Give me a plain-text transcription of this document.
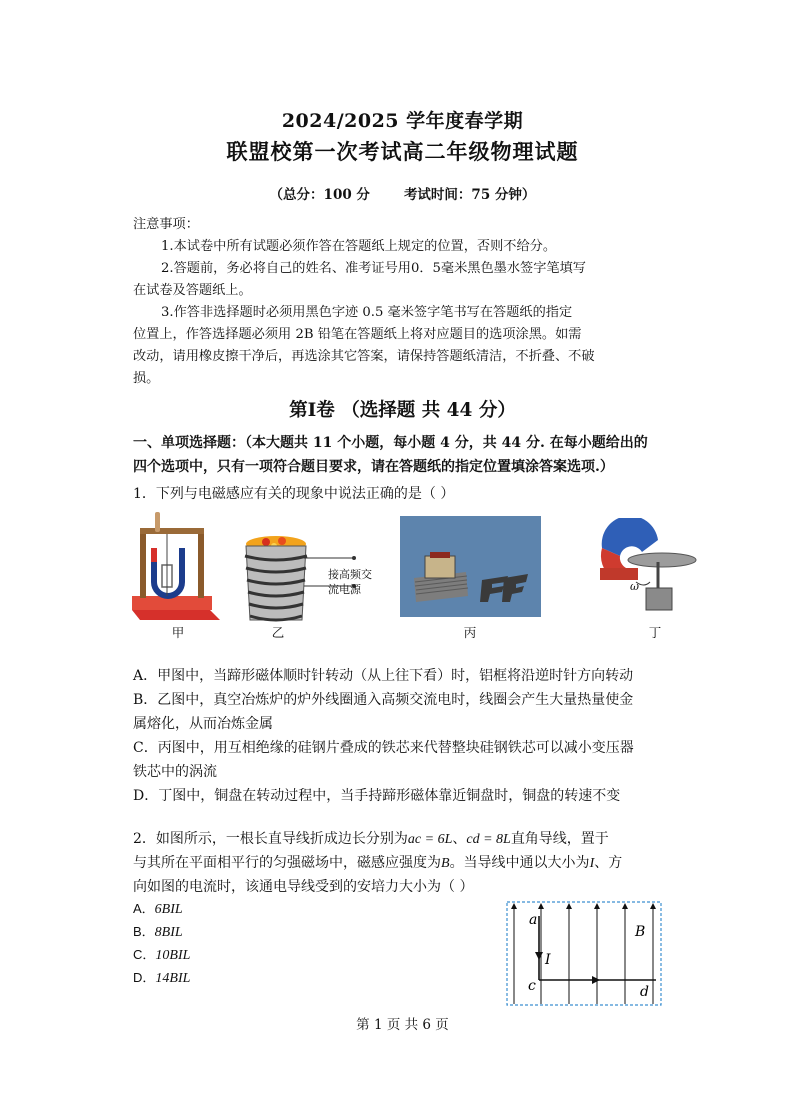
2024/2025 学年度春学期
联盟校第一次考试高二年级物理试题
（总分：100 分	考试时间：75 分钟）
注意事项：
1.本试卷中所有试题必须作答在答题纸上规定的位置，否则不给分。
2.答题前，务必将自己的姓名、准考证号用0．5毫米黑色墨水签字笔填写
在试卷及答题纸上。
3.作答非选择题时必须用黑色字迹 0.5 毫米签字笔书写在答题纸的指定
位置上，作答选择题必须用 2B 铅笔在答题纸上将对应题目的选项涂黑。如需
改动，请用橡皮擦干净后，再选涂其它答案，请保持答题纸清洁，不折叠、不破
损。
第Ⅰ卷 （选择题 共 44 分）
一、单项选择题：（本大题共 11 个小题，每小题 4 分，共 44 分. 在每小题给出的
四个选项中，只有一项符合题目要求，请在答题纸的指定位置填涂答案选项.）
1．下列与电磁感应有关的现象中说法正确的是（ ）
甲
接高频交
流电源
乙	丙
ω
丁
A．甲图中，当蹄形磁体顺时针转动（从上往下看）时，铝框将沿逆时针方向转动
B．乙图中，真空冶炼炉的炉外线圈通入高频交流电时，线圈会产生大量热量使金
属熔化，从而冶炼金属
C．丙图中，用互相绝缘的硅钢片叠成的铁芯来代替整块硅钢铁芯可以减小变压器
铁芯中的涡流
D．丁图中，铜盘在转动过程中，当手持蹄形磁体靠近铜盘时，铜盘的转速不变
2．如图所示，一根长直导线折成边长分别为ac = 6L、cd = 8L直角导线，置于
与其所在平面相平行的匀强磁场中，磁感应强度为B。当导线中通以大小为I、方
向如图的电流时，该通电导线受到的安培力大小为（ ）
A．6BIL
B．8BIL
C．10BIL
D．14BIL
a
I
c	d
B
第 1 页 共 6 页
